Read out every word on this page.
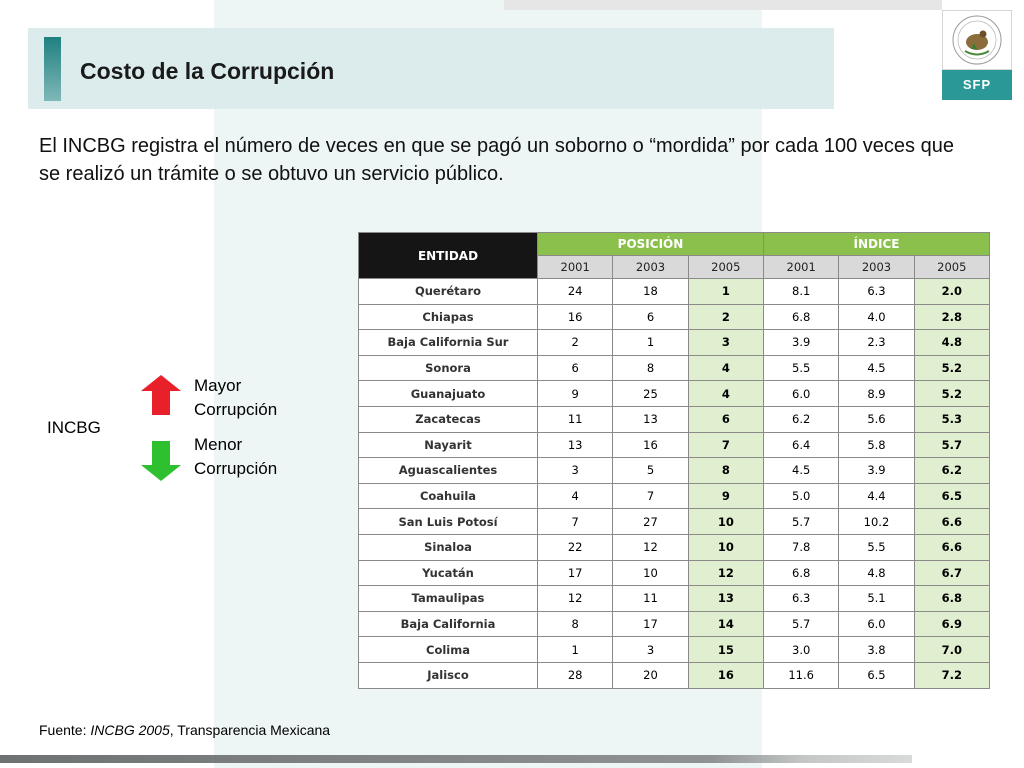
Costo de la Corrupción
SFP
El INCBG registra el número de veces en que se pagó un soborno o “mordida” por cada 100 veces que se realizó un trámite o se obtuvo un servicio público.
INCBG
Mayor
Corrupción
Menor
Corrupción
ENTIDAD	POSICIÓN			ÍNDICE		
	2001	2003	2005	2001	2003	2005
Querétaro	24	18	1	8.1	6.3	2.0
Chiapas	16	6	2	6.8	4.0	2.8
Baja California Sur	2	1	3	3.9	2.3	4.8
Sonora	6	8	4	5.5	4.5	5.2
Guanajuato	9	25	4	6.0	8.9	5.2
Zacatecas	11	13	6	6.2	5.6	5.3
Nayarit	13	16	7	6.4	5.8	5.7
Aguascalientes	3	5	8	4.5	3.9	6.2
Coahuila	4	7	9	5.0	4.4	6.5
San Luis Potosí	7	27	10	5.7	10.2	6.6
Sinaloa	22	12	10	7.8	5.5	6.6
Yucatán	17	10	12	6.8	4.8	6.7
Tamaulipas	12	11	13	6.3	5.1	6.8
Baja California	8	17	14	5.7	6.0	6.9
Colima	1	3	15	3.0	3.8	7.0
Jalisco	28	20	16	11.6	6.5	7.2
Fuente: INCBG 2005, Transparencia Mexicana
